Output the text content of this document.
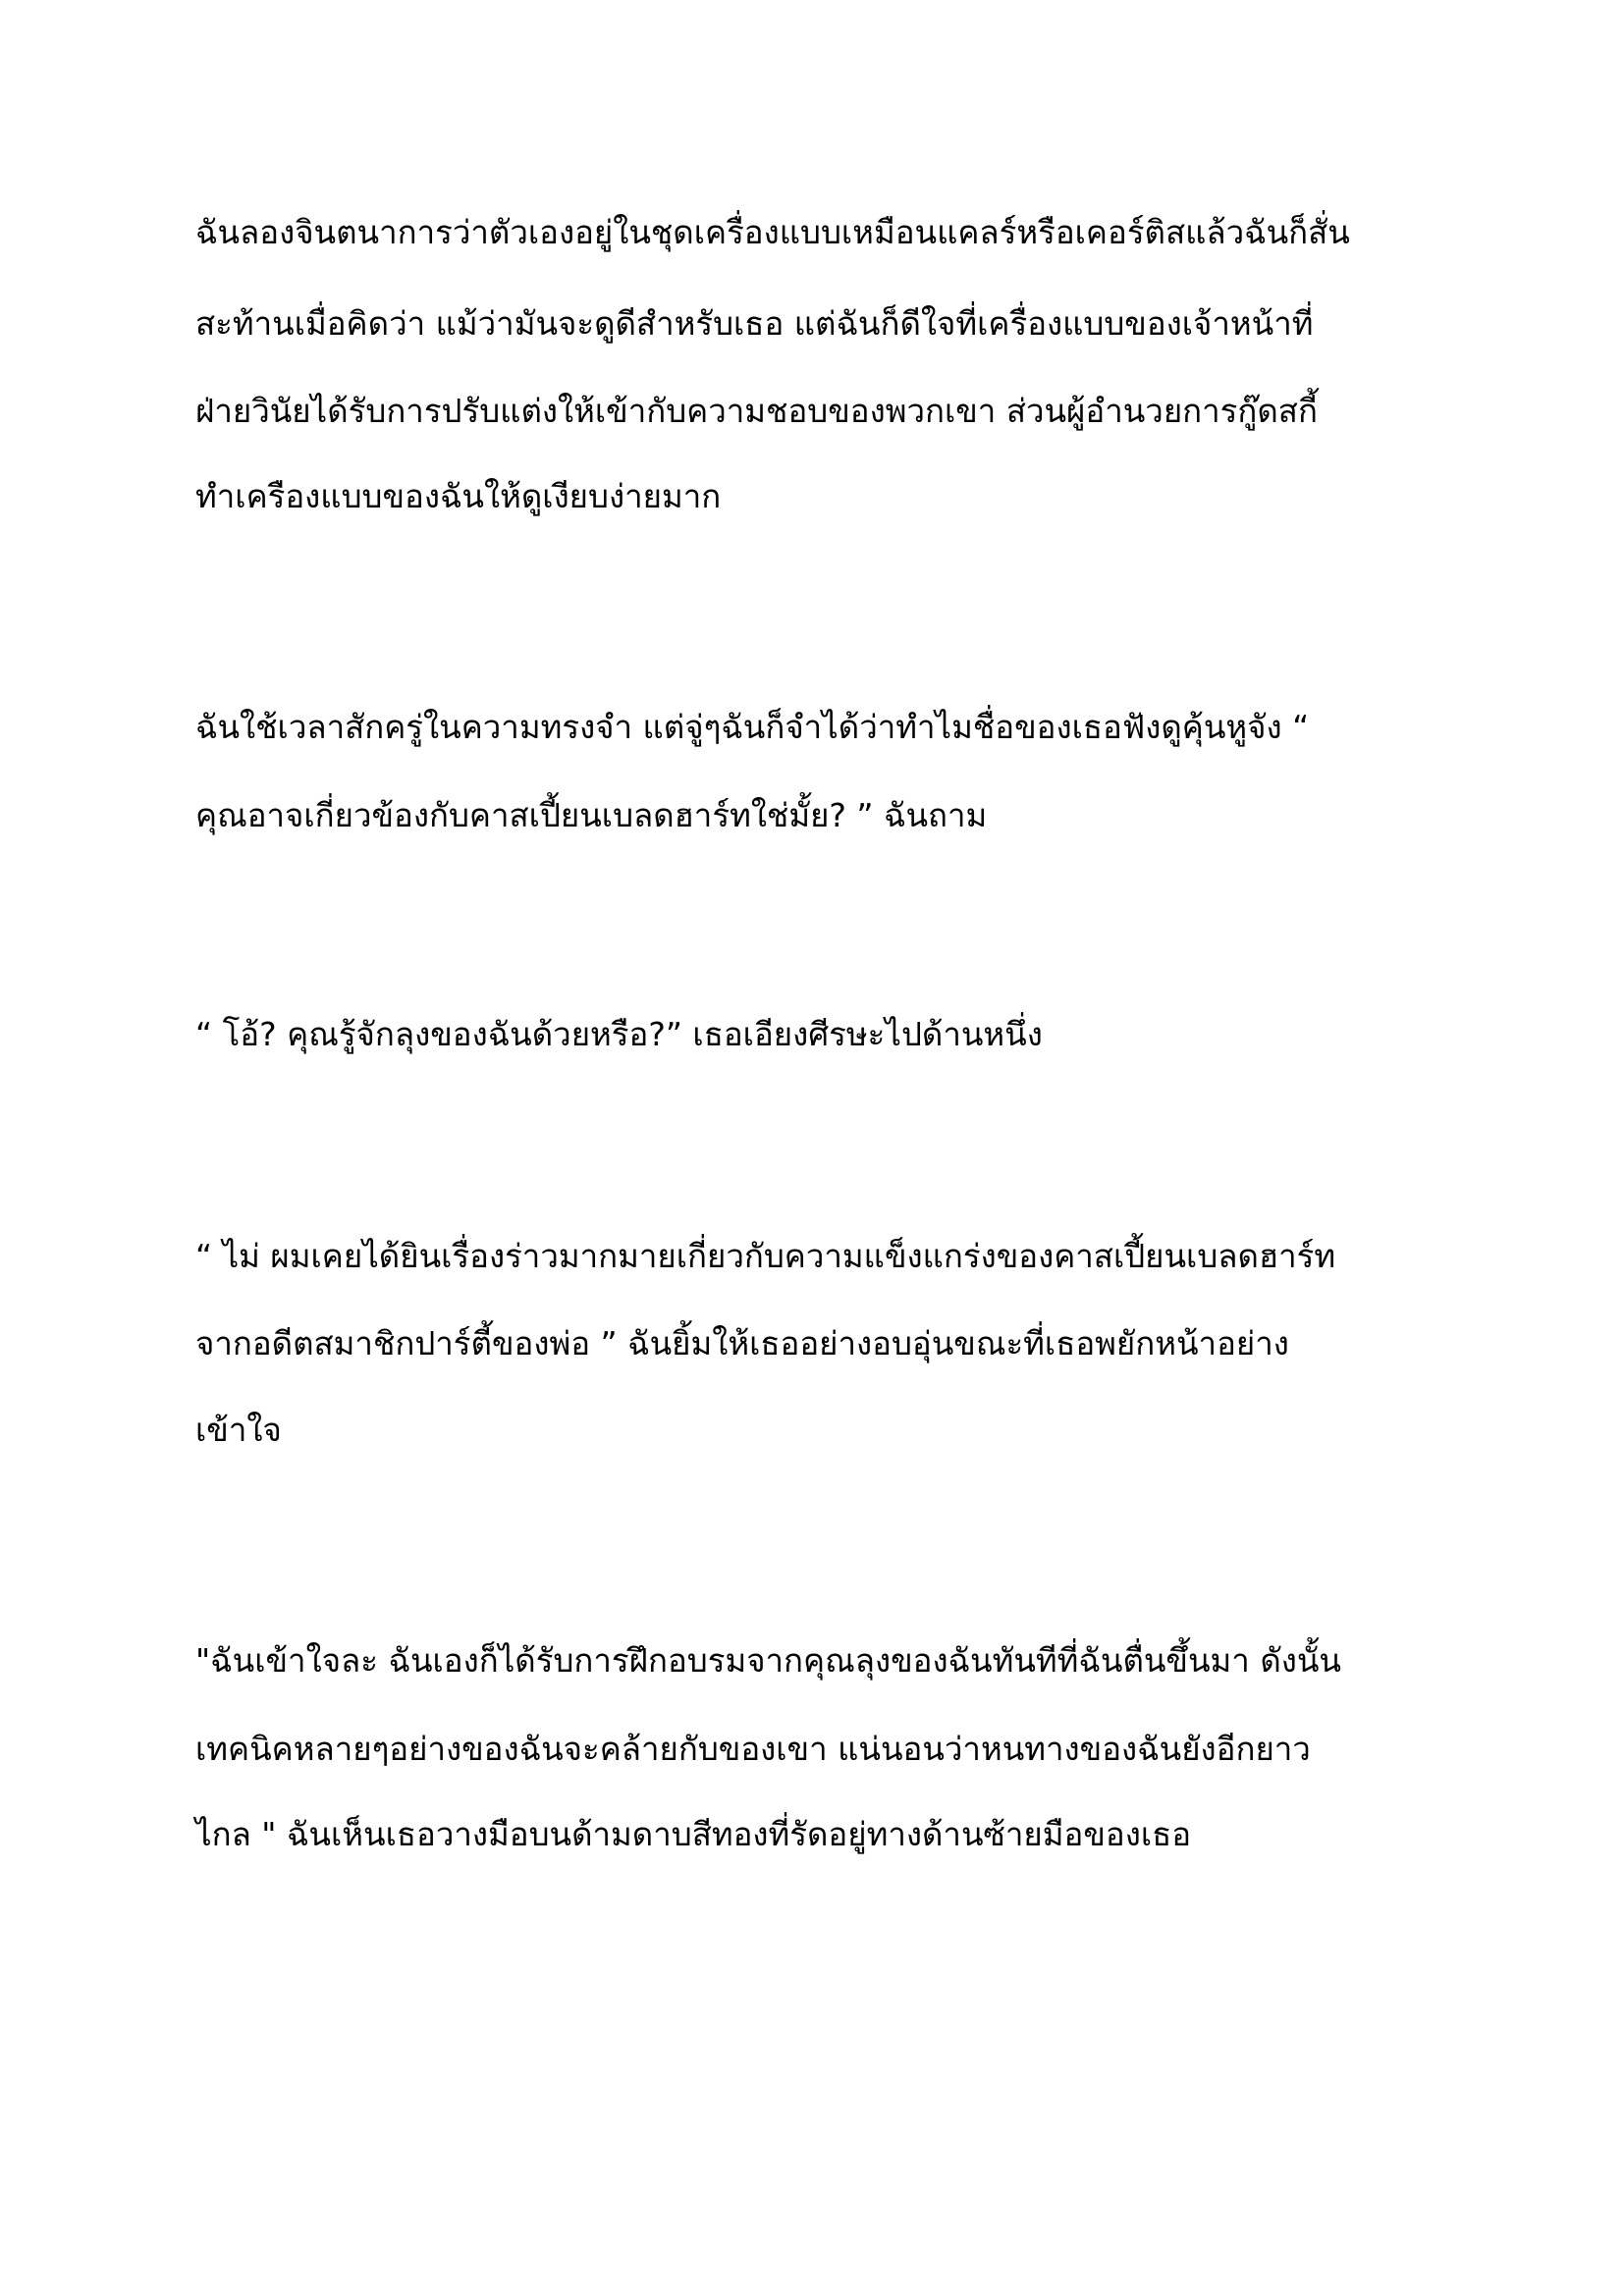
ฉันลองจินตนาการว่าตัวเองอยู่ในชุดเครื่องแบบเหมือนแคลร์หรือเคอร์ติสแล้วฉันก็สั่น
สะท้านเมื่อคิดว่า แม้ว่ามันจะดูดีสำหรับเธอ แต่ฉันก็ดีใจที่เครื่องแบบของเจ้าหน้าที่
ฝ่ายวินัยได้รับการปรับแต่งให้เข้ากับความชอบของพวกเขา ส่วนผู้อำนวยการกู๊ดสกี้
ทำเครืองแบบของฉันให้ดูเงียบง่ายมาก
ฉันใช้เวลาสักครู่ในความทรงจำ แต่จู่ๆฉันก็จำได้ว่าทำไมชื่อของเธอฟังดูคุ้นหูจัง “
คุณอาจเกี่ยวข้องกับคาสเปี้ยนเบลดฮาร์ทใช่มั้ย? ” ฉันถาม
“ โอ้? คุณรู้จักลุงของฉันด้วยหรือ?” เธอเอียงศีรษะไปด้านหนึ่ง
“ ไม่ ผมเคยได้ยินเรื่องร่าวมากมายเกี่ยวกับความแข็งแกร่งของคาสเปี้ยนเบลดฮาร์ท
จากอดีตสมาชิกปาร์ตี้ของพ่อ ” ฉันยิ้มให้เธออย่างอบอุ่นขณะที่เธอพยักหน้าอย่าง
เข้าใจ
"ฉันเข้าใจละ ฉันเองก็ได้รับการฝึกอบรมจากคุณลุงของฉันทันทีที่ฉันตื่นขึ้นมา ดังนั้น
เทคนิคหลายๆอย่างของฉันจะคล้ายกับของเขา แน่นอนว่าหนทางของฉันยังอีกยาว
ไกล " ฉันเห็นเธอวางมือบนด้ามดาบสีทองที่รัดอยู่ทางด้านซ้ายมือของเธอ
